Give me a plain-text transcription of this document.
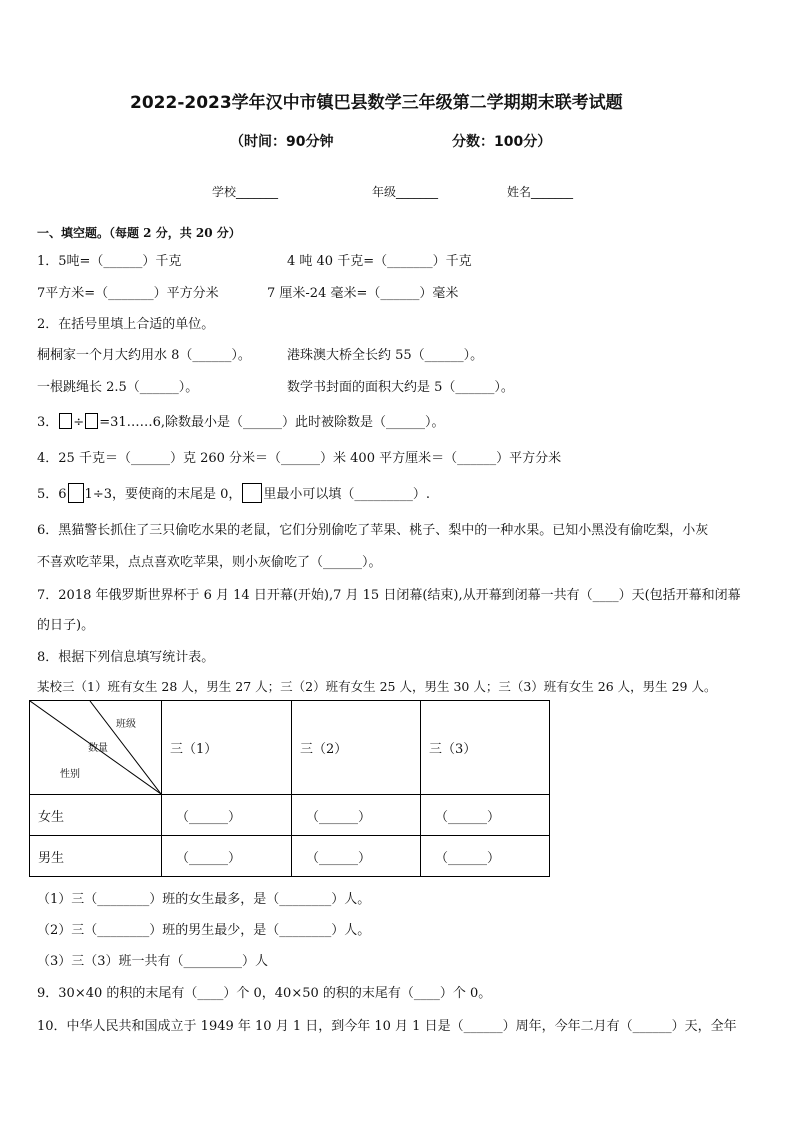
2022-2023学年汉中市镇巴县数学三年级第二学期期末联考试题
（时间：90分钟	分数：100分）
学校_______	年级_______	姓名_______
一、填空题。（每题 2 分，共 20 分）
1．5吨=（______）千克	4 吨 40 千克=（_______）千克
7平方米=（_______）平方分米	7 厘米-24 毫米=（______）毫米
2．在括号里填上合适的单位。
桐桐家一个月大约用水 8（______）。	港珠澳大桥全长约 55（______）。
一根跳绳长 2.5（______）。	数学书封面的面积大约是 5（______）。
3． ÷ =31……6,除数最小是（______）此时被除数是（______）。
4．25 千克＝（______）克 260 分米＝（______）米 400 平方厘米＝（______）平方分米
5．6 1÷3，要使商的末尾是 0， 里最小可以填（_________）.
6．黑猫警长抓住了三只偷吃水果的老鼠，它们分别偷吃了苹果、桃子、梨中的一种水果。已知小黑没有偷吃梨，小灰
不喜欢吃苹果，点点喜欢吃苹果，则小灰偷吃了（______）。
7．2018 年俄罗斯世界杯于 6 月 14 日开幕(开始),7 月 15 日闭幕(结束),从开幕到闭幕一共有（____）天(包括开幕和闭幕
的日子)。
8．根据下列信息填写统计表。
某校三（1）班有女生 28 人，男生 27 人；三（2）班有女生 25 人，男生 30 人；三（3）班有女生 26 人，男生 29 人。
班级
数量
性别	三（1）	三（2）	三（3）
女生	（______）	（______）	（______）
男生	（______）	（______）	（______）
（1）三（________）班的女生最多，是（________）人。
（2）三（________）班的男生最少，是（________）人。
（3）三（3）班一共有（_________）人
9．30×40 的积的末尾有（____）个 0，40×50 的积的末尾有（____）个 0。
10．中华人民共和国成立于 1949 年 10 月 1 日，到今年 10 月 1 日是（______）周年，今年二月有（______）天，全年
